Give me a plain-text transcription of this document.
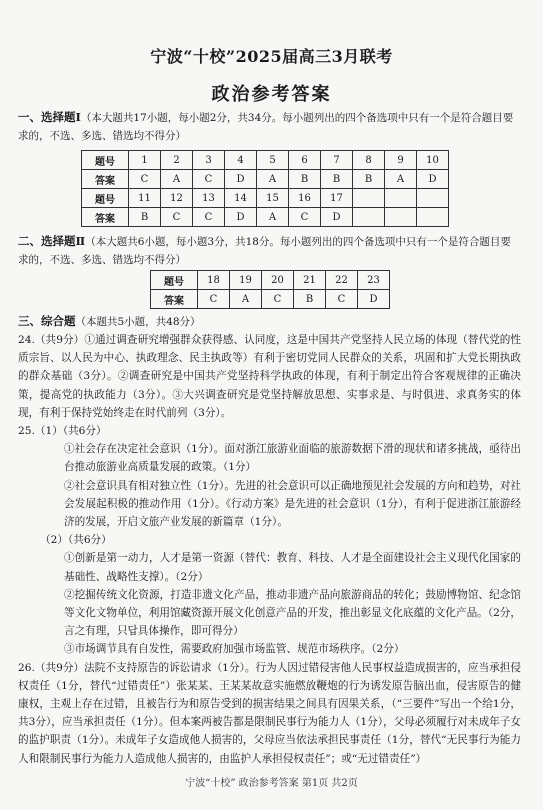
宁波“十校”2025届高三3月联考
政治参考答案

一、选择题Ⅰ（本大题共17小题，每小题2分，共34分。每小题列出的四个备选项中只有一个是符合题目要求的，不选、多选、错选均不得分）

题号	1	2	3	4	5	6	7	8	9	10
答案	C	A	C	D	A	B	B	B	A	D
题号	11	12	13	14	15	16	17			
答案	B	C	C	D	A	C	D			

二、选择题Ⅱ（本大题共6小题，每小题3分，共18分。每小题列出的四个备选项中只有一个是符合题目要求的，不选、多选、错选均不得分）

题号	18	19	20	21	22	23
答案	C	A	C	B	C	D

三、综合题（本题共5小题，共48分）

24.（共9分）①通过调查研究增强群众获得感、认同度，这是中国共产党坚持人民立场的体现（替代党的性质宗旨、以人民为中心、执政理念、民主执政等）有利于密切党同人民群众的关系，巩固和扩大党长期执政的群众基础（3分）。②调查研究是中国共产党坚持科学执政的体现，有利于制定出符合客观规律的正确决策，提高党的执政能力（3分）。③大兴调查研究是党坚持解放思想、实事求是、与时俱进、求真务实的体现，有利于保持党始终走在时代前列（3分）。

25.（1）（共6分）

①社会存在决定社会意识（1分）。面对浙江旅游业面临的旅游数据下滑的现状和诸多挑战，亟待出台推动旅游业高质量发展的政策。（1分）

②社会意识具有相对独立性（1分）。先进的社会意识可以正确地预见社会发展的方向和趋势，对社会发展起积极的推动作用（1分）。《行动方案》是先进的社会意识（1分），有利于促进浙江旅游经济的发展，开启文旅产业发展的新篇章（1分）。

（2）（共6分）

①创新是第一动力，人才是第一资源（替代：教育、科技、人才是全面建设社会主义现代化国家的基础性、战略性支撑）。（2分）

②挖掘传统文化资源，打造非遗文化产品，推动非遗产品向旅游商品的转化；鼓励博物馆、纪念馆等文化文物单位，利用馆藏资源开展文化创意产品的开发，推出彰显文化底蕴的文化产品。（2分，言之有理，只답具体操作，即可得分）

③市场调节具有自发性，需要政府加强市场监管、规范市场秩序。（2分）

26.（共9分）法院不支持原告的诉讼请求（1分）。行为人因过错侵害他人民事权益造成损害的，应当承担侵权责任（1分，替代“过错责任”）张某某、王某某故意实施燃放鞭炮的行为诱发原告脑出血，侵害原告的健康权，主观上存在过错，且被告行为和原告受到的损害结果之间具有因果关系，（“三要件”写出一个给1分，共3分），应当承担责任（1分）。但本案两被告都是限制民事行为能力人（1分），父母必须履行对未成年子女的监护职责（1分）。未成年子女造成他人损害的，父母应当依法承担民事责任（1分，替代“无民事行为能力人和限制民事行为能力人造成他人损害的，由监护人承担侵权责任”；或“无过错责任”）

宁波“十校” 政治参考答案 第1页 共2页
